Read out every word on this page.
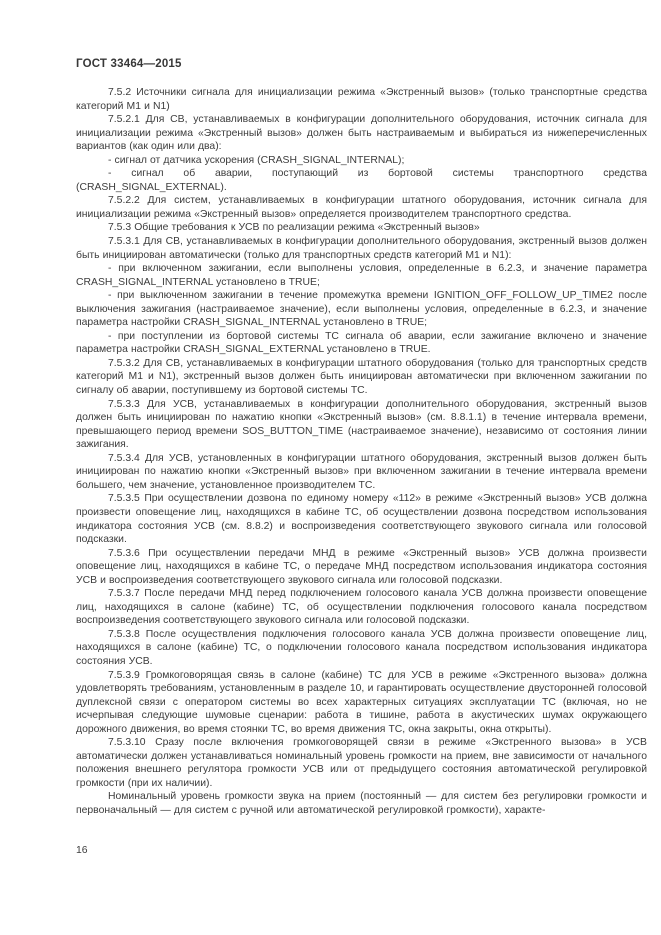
ГОСТ 33464—2015

7.5.2 Источники сигнала для инициализации режима «Экстренный вызов» (только транспортные средства категорий M1 и N1)

7.5.2.1 Для СВ, устанавливаемых в конфигурации дополнительного оборудования, источник сигнала для инициализации режима «Экстренный вызов» должен быть настраиваемым и выбираться из нижеперечисленных вариантов (как один или два):

- сигнал от датчика ускорения (CRASH_SIGNAL_INTERNAL);

- сигнал об аварии, поступающий из бортовой системы транспортного средства (CRASH_SIGNAL_EXTERNAL).

7.5.2.2 Для систем, устанавливаемых в конфигурации штатного оборудования, источник сигнала для инициализации режима «Экстренный вызов» определяется производителем транспортного средства.

7.5.3 Общие требования к УСВ по реализации режима «Экстренный вызов»

7.5.3.1 Для СВ, устанавливаемых в конфигурации дополнительного оборудования, экстренный вызов должен быть инициирован автоматически (только для транспортных средств категорий M1 и N1):

- при включенном зажигании, если выполнены условия, определенные в 6.2.3, и значение параметра CRASH_SIGNAL_INTERNAL установлено в TRUE;

- при выключенном зажигании в течение промежутка времени IGNITION_OFF_FOLLOW_UP_TIME2 после выключения зажигания (настраиваемое значение), если выполнены условия, определенные в 6.2.3, и значение параметра настройки CRASH_SIGNAL_INTERNAL установлено в TRUE;

- при поступлении из бортовой системы ТС сигнала об аварии, если зажигание включено и значение параметра настройки CRASH_SIGNAL_EXTERNAL установлено в TRUE.

7.5.3.2 Для СВ, устанавливаемых в конфигурации штатного оборудования (только для транспортных средств категорий M1 и N1), экстренный вызов должен быть инициирован автоматически при включенном зажигании по сигналу об аварии, поступившему из бортовой системы ТС.

7.5.3.3 Для УСВ, устанавливаемых в конфигурации дополнительного оборудования, экстренный вызов должен быть инициирован по нажатию кнопки «Экстренный вызов» (см. 8.8.1.1) в течение интервала времени, превышающего период времени SOS_BUTTON_TIME (настраиваемое значение), независимо от состояния линии зажигания.

7.5.3.4 Для УСВ, установленных в конфигурации штатного оборудования, экстренный вызов должен быть инициирован по нажатию кнопки «Экстренный вызов» при включенном зажигании в течение интервала времени большего, чем значение, установленное производителем ТС.

7.5.3.5 При осуществлении дозвона по единому номеру «112» в режиме «Экстренный вызов» УСВ должна произвести оповещение лиц, находящихся в кабине ТС, об осуществлении дозвона посредством использования индикатора состояния УСВ (см. 8.8.2) и воспроизведения соответствующего звукового сигнала или голосовой подсказки.

7.5.3.6 При осуществлении передачи МНД в режиме «Экстренный вызов» УСВ должна произвести оповещение лиц, находящихся в кабине ТС, о передаче МНД посредством использования индикатора состояния УСВ и воспроизведения соответствующего звукового сигнала или голосовой подсказки.

7.5.3.7 После передачи МНД перед подключением голосового канала УСВ должна произвести оповещение лиц, находящихся в салоне (кабине) ТС, об осуществлении подключения голосового канала посредством воспроизведения соответствующего звукового сигнала или голосовой подсказки.

7.5.3.8 После осуществления подключения голосового канала УСВ должна произвести оповещение лиц, находящихся в салоне (кабине) ТС, о подключении голосового канала посредством использования индикатора состояния УСВ.

7.5.3.9 Громкоговорящая связь в салоне (кабине) ТС для УСВ в режиме «Экстренного вызова» должна удовлетворять требованиям, установленным в разделе 10, и гарантировать осуществление двусторонней голосовой дуплексной связи с оператором системы во всех характерных ситуациях эксплуатации ТС (включая, но не исчерпывая следующие шумовые сценарии: работа в тишине, работа в акустических шумах окружающего дорожного движения, во время стоянки ТС, во время движения ТС, окна закрыты, окна открыты).

7.5.3.10 Сразу после включения громкоговорящей связи в режиме «Экстренного вызова» в УСВ автоматически должен устанавливаться номинальный уровень громкости на прием, вне зависимости от начального положения внешнего регулятора громкости УСВ или от предыдущего состояния автоматической регулировкой громкости (при их наличии).

Номинальный уровень громкости звука на прием (постоянный — для систем без регулировки громкости и первоначальный — для систем с ручной или автоматической регулировкой громкости), характе-

16
